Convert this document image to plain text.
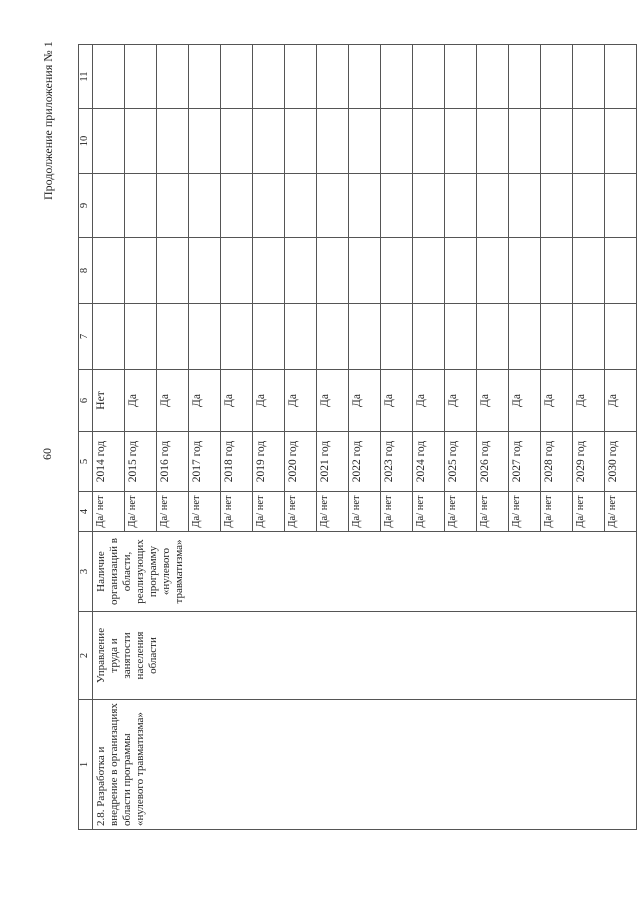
60
Продолжение приложения № 1
1	2	3	4	5	6	7	8	9	10	11
2.8. Разработка и внедрение в организациях области программы «нулевого травматизма»	Управление труда и занятости населения области	Наличие организаций в области, реализующих программу «нулевого травматизма»	Да/ нет	2014 год	Нет					
			Да/ нет	2015 год	Да					
			Да/ нет	2016 год	Да					
			Да/ нет	2017 год	Да					
			Да/ нет	2018 год	Да					
			Да/ нет	2019 год	Да					
			Да/ нет	2020 год	Да					
			Да/ нет	2021 год	Да					
			Да/ нет	2022 год	Да					
			Да/ нет	2023 год	Да					
			Да/ нет	2024 год	Да					
			Да/ нет	2025 год	Да					
			Да/ нет	2026 год	Да					
			Да/ нет	2027 год	Да					
			Да/ нет	2028 год	Да					
			Да/ нет	2029 год	Да					
			Да/ нет	2030 год	Да					
